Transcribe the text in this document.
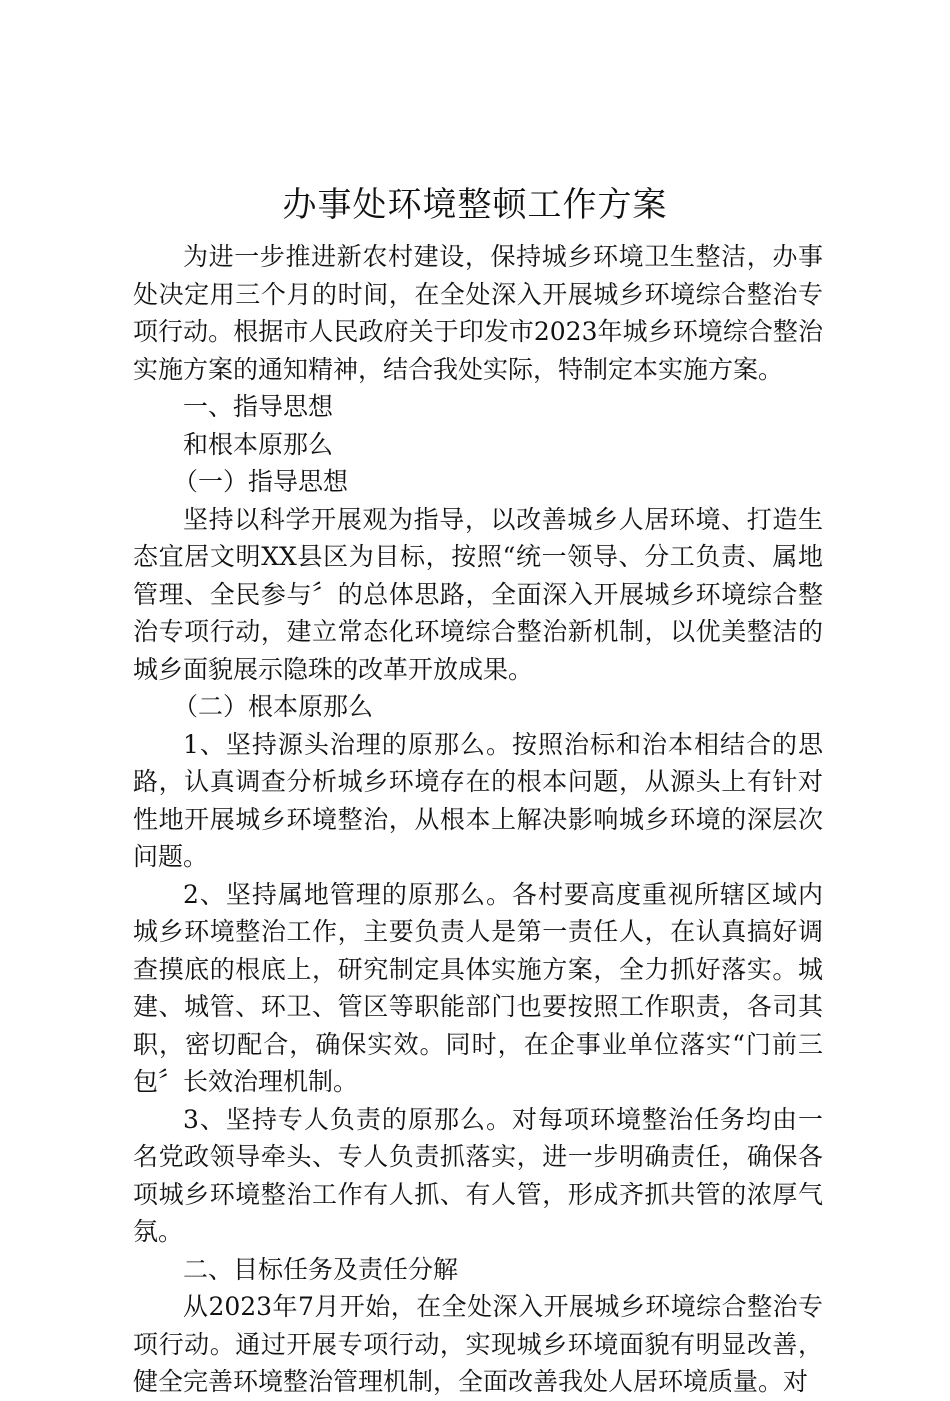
办事处环境整顿工作方案

为进一步推进新农村建设，保持城乡环境卫生整洁，办事处决定用三个月的时间，在全处深入开展城乡环境综合整治专项行动。根据市人民政府关于印发市2023年城乡环境综合整治实施方案的通知精神，结合我处实际，特制定本实施方案。

一、指导思想

和根本原那么

（一）指导思想

坚持以科学开展观为指导，以改善城乡人居环境、打造生态宜居文明XX县区为目标，按照“统一领导、分工负责、属地管理、全民参与〞的总体思路，全面深入开展城乡环境综合整治专项行动，建立常态化环境综合整治新机制，以优美整洁的城乡面貌展示隐珠的改革开放成果。

（二）根本原那么

1、坚持源头治理的原那么。按照治标和治本相结合的思路，认真调查分析城乡环境存在的根本问题，从源头上有针对性地开展城乡环境整治，从根本上解决影响城乡环境的深层次问题。

2、坚持属地管理的原那么。各村要高度重视所辖区域内城乡环境整治工作，主要负责人是第一责任人，在认真搞好调查摸底的根底上，研究制定具体实施方案，全力抓好落实。城建、城管、环卫、管区等职能部门也要按照工作职责，各司其职，密切配合，确保实效。同时，在企事业单位落实“门前三包〞长效治理机制。

3、坚持专人负责的原那么。对每项环境整治任务均由一名党政领导牵头、专人负责抓落实，进一步明确责任，确保各项城乡环境整治工作有人抓、有人管，形成齐抓共管的浓厚气氛。

二、目标任务及责任分解

从2023年7月开始，在全处深入开展城乡环境综合整治专项行动。通过开展专项行动，实现城乡环境面貌有明显改善，健全完善环境整治管理机制，全面改善我处人居环境质量。对
